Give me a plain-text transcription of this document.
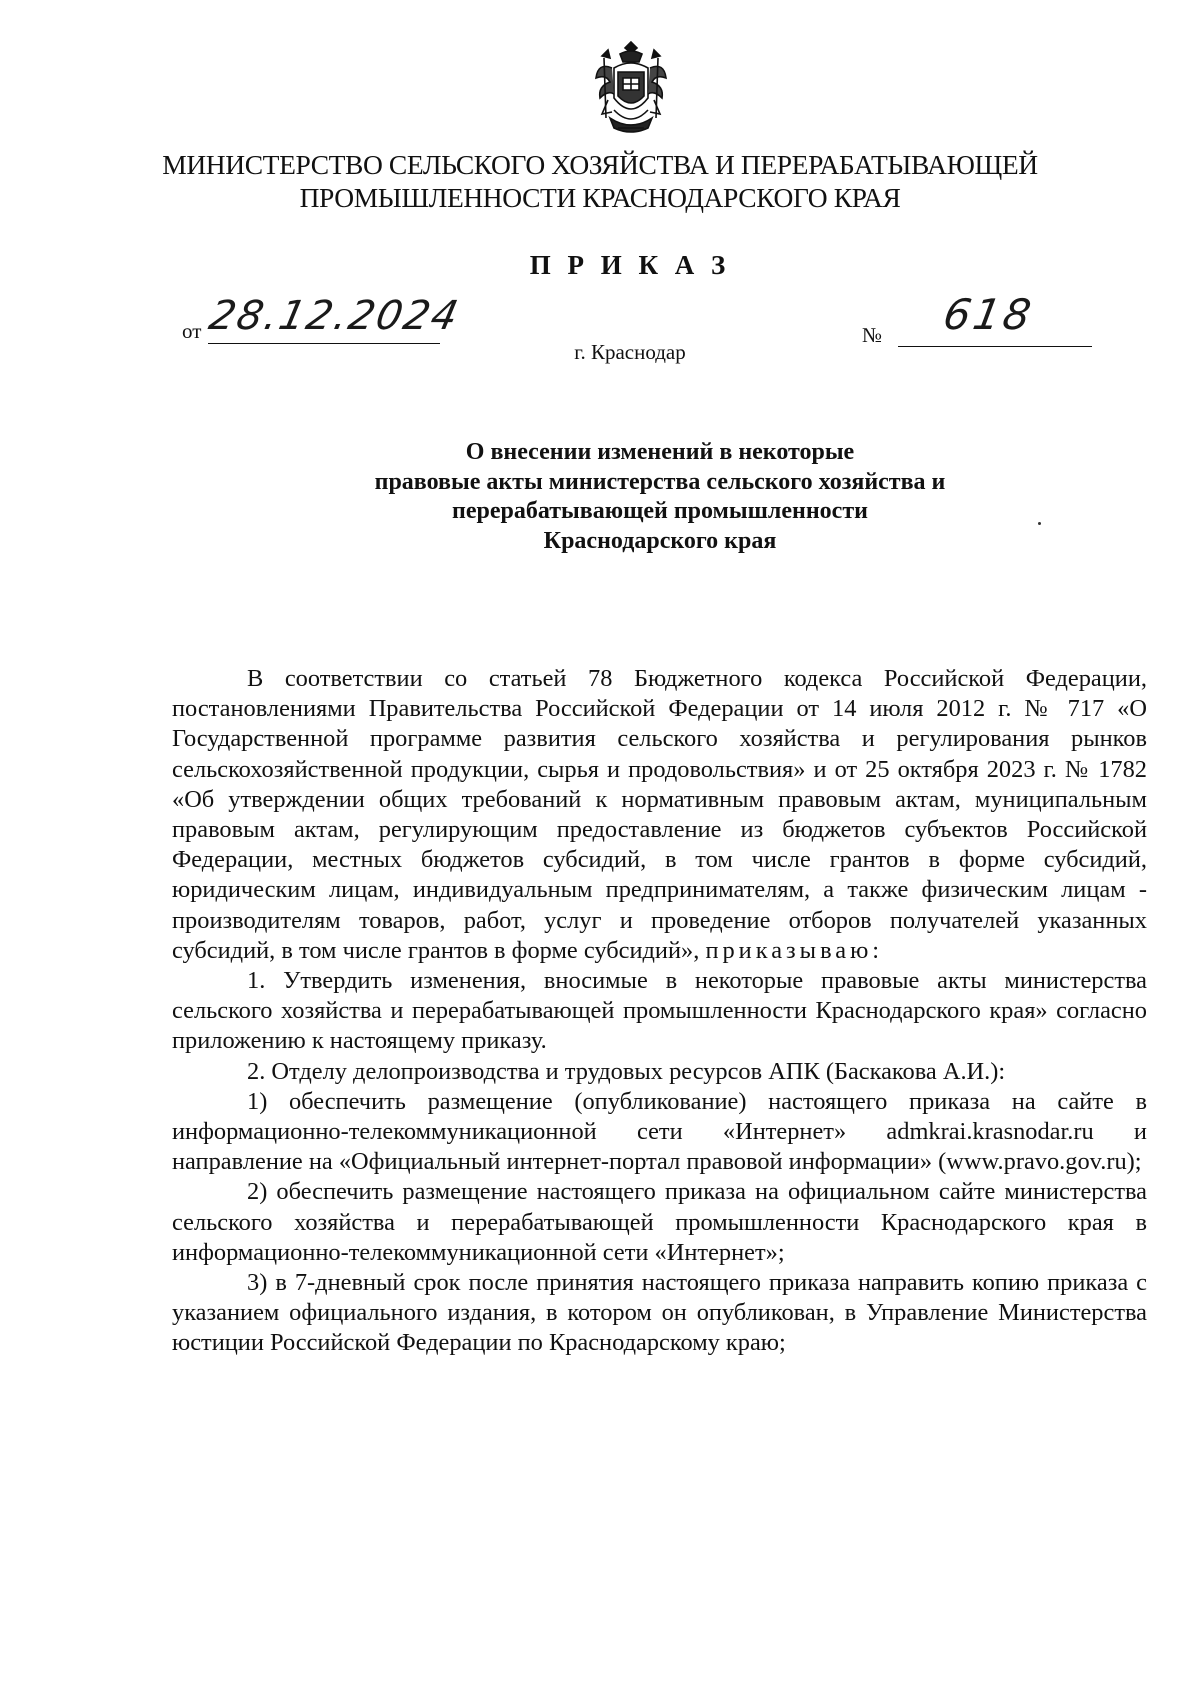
МИНИСТЕРСТВО СЕЛЬСКОГО ХОЗЯЙСТВА И ПЕРЕРАБАТЫВАЮЩЕЙ
ПРОМЫШЛЕННОСТИ КРАСНОДАРСКОГО КРАЯ
П Р И К А З
от 28.12.2024	№ 618
г. Краснодар
О внесении изменений в некоторые
правовые акты министерства сельского хозяйства и
перерабатывающей промышленности
Краснодарского края

В соответствии со статьей 78 Бюджетного кодекса Российской Федерации, постановлениями Правительства Российской Федерации от 14 июля 2012 г. № 717 «О Государственной программе развития сельского хозяйства и регулирования рынков сельскохозяйственной продукции, сырья и продовольствия» и от 25 октября 2023 г. № 1782 «Об утверждении общих требований к нормативным правовым актам, муниципальным правовым актам, регулирующим предоставление из бюджетов субъектов Российской Федерации, местных бюджетов субсидий, в том числе грантов в форме субсидий, юридическим лицам, индивидуальным предпринимателям, а также физическим лицам - производителям товаров, работ, услуг и проведение отборов получателей указанных субсидий, в том числе грантов в форме субсидий», приказываю:

1. Утвердить изменения, вносимые в некоторые правовые акты министерства сельского хозяйства и перерабатывающей промышленности Краснодарского края» согласно приложению к настоящему приказу.

2. Отделу делопроизводства и трудовых ресурсов АПК (Баскакова А.И.):

1) обеспечить размещение (опубликование) настоящего приказа на сайте в информационно-телекоммуникационной сети «Интернет» admkrai.krasnodar.ru и направление на «Официальный интернет-портал правовой информации» (www.pravo.gov.ru);

2) обеспечить размещение настоящего приказа на официальном сайте министерства сельского хозяйства и перерабатывающей промышленности Краснодарского края в информационно-телекоммуникационной сети «Интернет»;

3) в 7-дневный срок после принятия настоящего приказа направить копию приказа с указанием официального издания, в котором он опубликован, в Управление Министерства юстиции Российской Федерации по Краснодарскому краю;
